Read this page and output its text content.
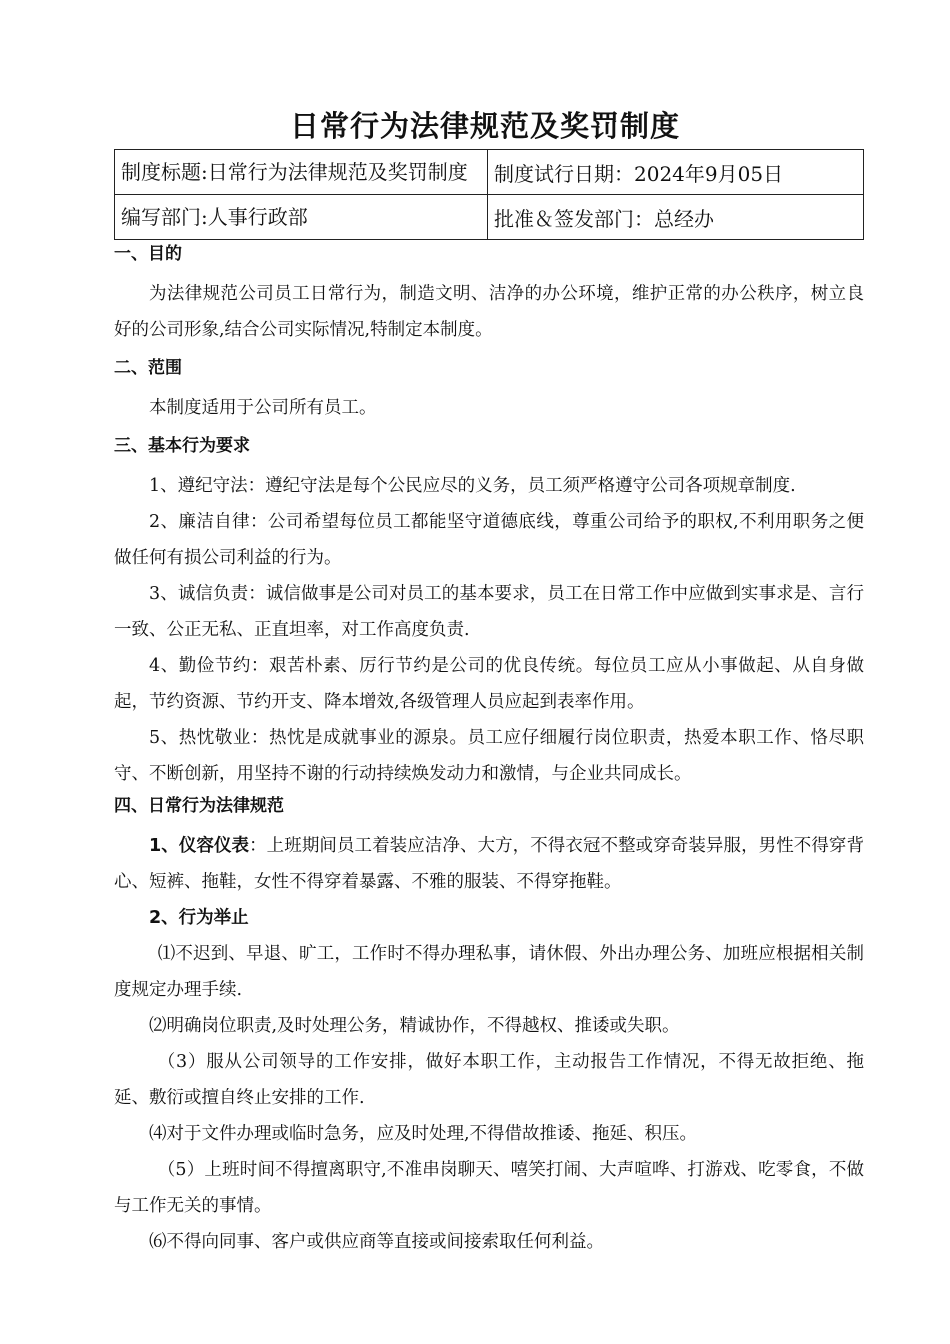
日常行为法律规范及奖罚制度
制度标题:日常行为法律规范及奖罚制度	制度试行日期：2024年9月05日
编写部门:人事行政部	批准＆签发部门：总经办
一、目的
为法律规范公司员工日常行为，制造文明、洁净的办公环境，维护正常的办公秩序，树立良好的公司形象,结合公司实际情况,特制定本制度。
二、范围
本制度适用于公司所有员工。
三、基本行为要求
1、遵纪守法：遵纪守法是每个公民应尽的义务，员工须严格遵守公司各项规章制度.
2、廉洁自律：公司希望每位员工都能坚守道德底线，尊重公司给予的职权,不利用职务之便做任何有损公司利益的行为。
3、诚信负责：诚信做事是公司对员工的基本要求，员工在日常工作中应做到实事求是、言行一致、公正无私、正直坦率，对工作高度负责.
4、勤俭节约：艰苦朴素、厉行节约是公司的优良传统。每位员工应从小事做起、从自身做起，节约资源、节约开支、降本增效,各级管理人员应起到表率作用。
5、热忱敬业：热忱是成就事业的源泉。员工应仔细履行岗位职责，热爱本职工作、恪尽职守、不断创新，用坚持不谢的行动持续焕发动力和激情，与企业共同成长。
四、日常行为法律规范
1、仪容仪表：上班期间员工着装应洁净、大方，不得衣冠不整或穿奇装异服，男性不得穿背心、短裤、拖鞋，女性不得穿着暴露、不雅的服装、不得穿拖鞋。
2、行为举止
⑴不迟到、早退、旷工，工作时不得办理私事，请休假、外出办理公务、加班应根据相关制度规定办理手续.
⑵明确岗位职责,及时处理公务，精诚协作，不得越权、推诿或失职。
（3）服从公司领导的工作安排，做好本职工作，主动报告工作情况，不得无故拒绝、拖延、敷衍或擅自终止安排的工作.
⑷对于文件办理或临时急务，应及时处理,不得借故推诿、拖延、积压。
（5）上班时间不得擅离职守,不准串岗聊天、嘻笑打闹、大声喧哗、打游戏、吃零食，不做与工作无关的事情。
⑹不得向同事、客户或供应商等直接或间接索取任何利益。
